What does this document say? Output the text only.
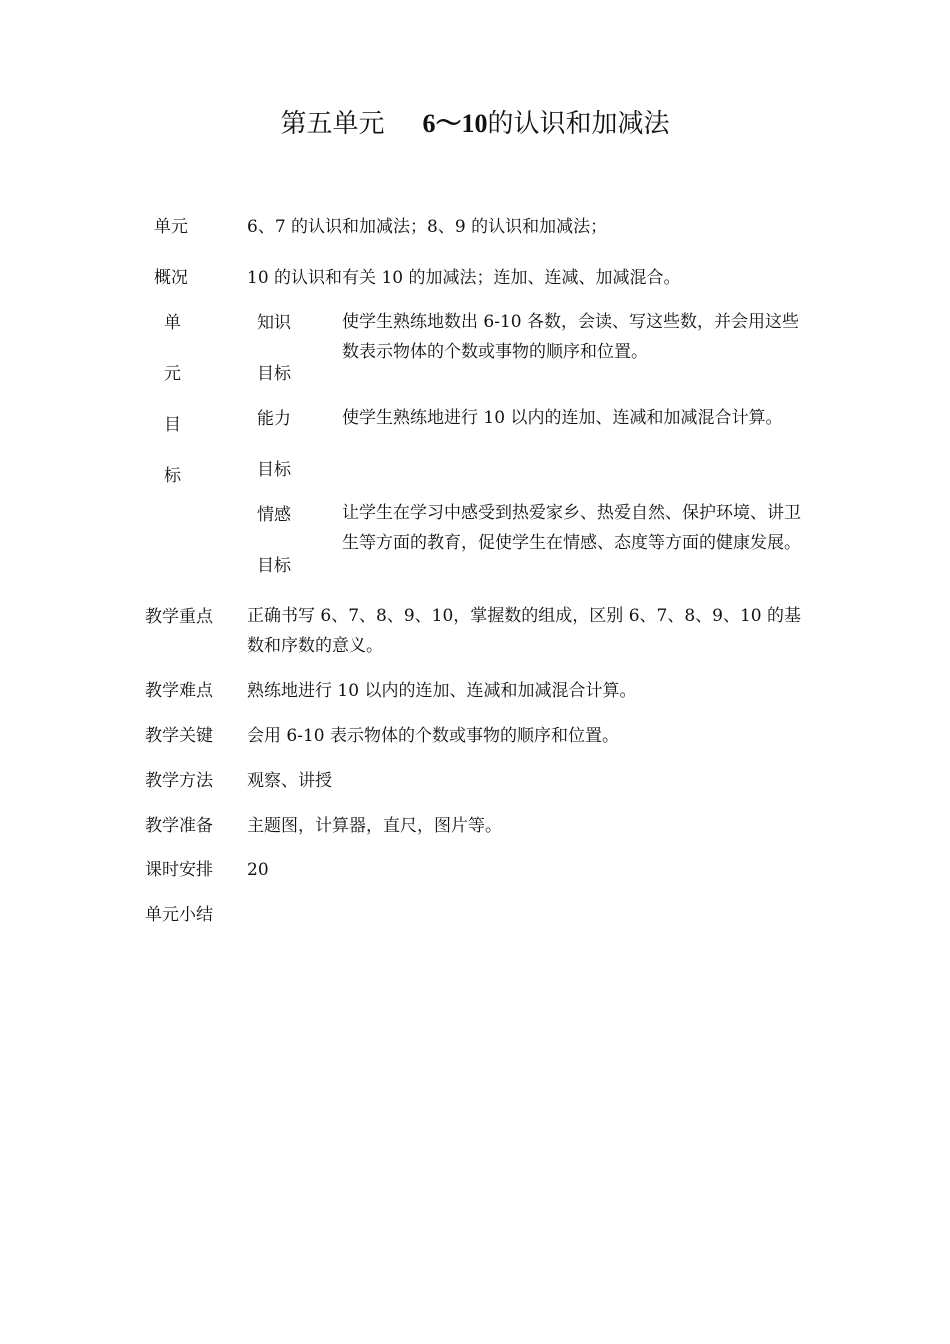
第五单元 6～10的认识和加减法
单元
概况
6、7 的认识和加减法；8、9 的认识和加减法；
10 的认识和有关 10 的加减法；连加、连减、加减混合。
单
元
目
标
知识
目标
使学生熟练地数出 6-10 各数，会读、写这些数，并会用这些数表示物体的个数或事物的顺序和位置。
能力
目标
使学生熟练地进行 10 以内的连加、连减和加减混合计算。
情感
目标
让学生在学习中感受到热爱家乡、热爱自然、保护环境、讲卫生等方面的教育，促使学生在情感、态度等方面的健康发展。
教学重点 正确书写 6、7、8、9、10，掌握数的组成，区别 6、7、8、9、10 的基数和序数的意义。
教学难点 熟练地进行 10 以内的连加、连减和加减混合计算。
教学关键 会用 6-10 表示物体的个数或事物的顺序和位置。
教学方法 观察、讲授
教学准备 主题图，计算器，直尺，图片等。
课时安排 20
单元小结
